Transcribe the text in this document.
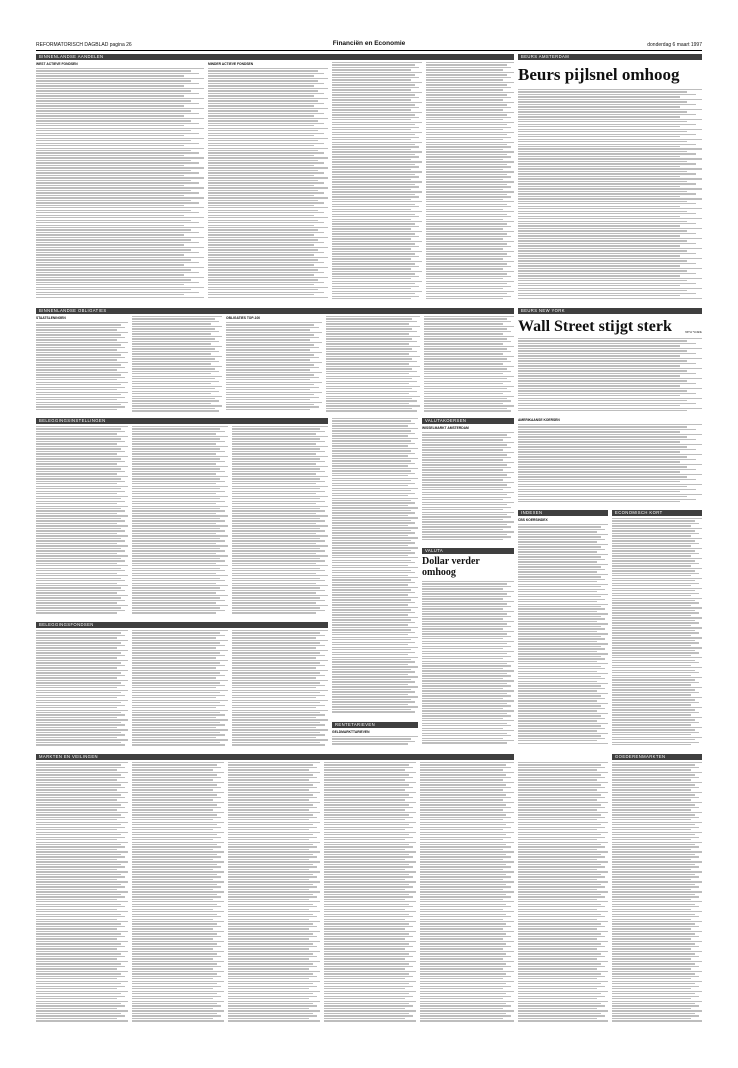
REFORMATORISCH DAGBLAD pagina 26	Financiën en Economie	donderdag 6 maart 1997
BINNENLANDSE AANDELEN
WEST ACTIEVE FONDSEN	MINDER ACTIEVE FONDSEN
BINNENLANDSE OBLIGATIES
STAATSLENINGEN	OBLIGATIES TOP-100
BELEGGINGSINSTELLINGEN
BELEGGINGSFONDSEN
VALUTAKOERSEN
WISSELMARKT AMSTERDAM
RENTETARIEVEN
GELDMARKTTARIEVEN
VALUTA
Dollar verder omhoog
MARKTEN EN VEILINGEN
BEURS AMSTERDAM
Beurs pijlsnel omhoog
BEURS NEW YORK
Wall Street stijgt sterk	NEW YORK
AMERIKAANSE KOERSEN
INDEXEN
CBS KOERSINDEX
ECONOMISCH KORT
GOEDERENMARKTEN
